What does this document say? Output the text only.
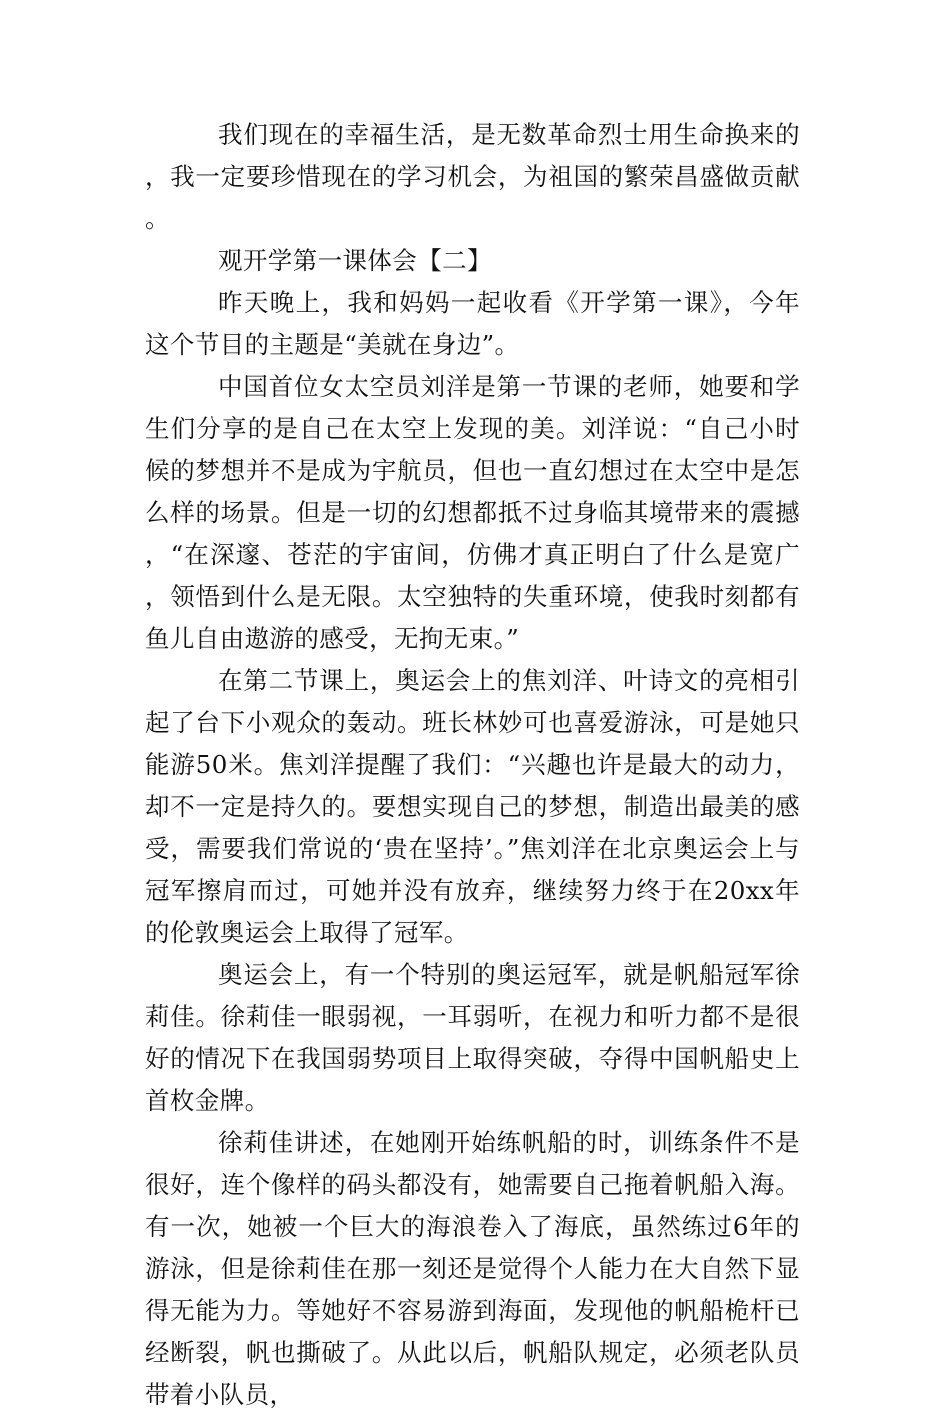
我们现在的幸福生活，是无数革命烈士用生命换来的，我一定要珍惜现在的学习机会，为祖国的繁荣昌盛做贡献。

观开学第一课体会【二】

昨天晚上，我和妈妈一起收看《开学第一课》，今年这个节目的主题是“美就在身边”。

中国首位女太空员刘洋是第一节课的老师，她要和学生们分享的是自己在太空上发现的美。刘洋说：“自己小时候的梦想并不是成为宇航员，但也一直幻想过在太空中是怎么样的场景。但是一切的幻想都抵不过身临其境带来的震撼，“在深邃、苍茫的宇宙间，仿佛才真正明白了什么是宽广，领悟到什么是无限。太空独特的失重环境，使我时刻都有鱼儿自由遨游的感受，无拘无束。”

在第二节课上，奥运会上的焦刘洋、叶诗文的亮相引起了台下小观众的轰动。班长林妙可也喜爱游泳，可是她只能游50米。焦刘洋提醒了我们：“兴趣也许是最大的动力，却不一定是持久的。要想实现自己的梦想，制造出最美的感受，需要我们常说的‘贵在坚持’。”焦刘洋在北京奥运会上与冠军擦肩而过，可她并没有放弃，继续努力终于在20xx年的伦敦奥运会上取得了冠军。

奥运会上，有一个特别的奥运冠军，就是帆船冠军徐莉佳。徐莉佳一眼弱视，一耳弱听，在视力和听力都不是很好的情况下在我国弱势项目上取得突破，夺得中国帆船史上首枚金牌。

徐莉佳讲述，在她刚开始练帆船的时，训练条件不是很好，连个像样的码头都没有，她需要自己拖着帆船入海。有一次，她被一个巨大的海浪卷入了海底，虽然练过6年的游泳，但是徐莉佳在那一刻还是觉得个人能力在大自然下显得无能为力。等她好不容易游到海面，发现他的帆船桅杆已经断裂，帆也撕破了。从此以后，帆船队规定，必须老队员带着小队员，
